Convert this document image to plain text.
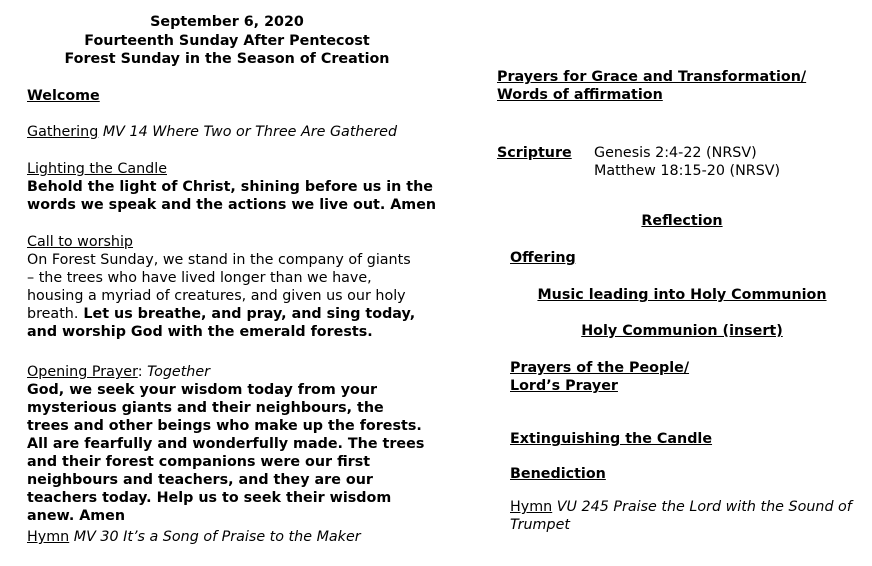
September 6, 2020
Fourteenth Sunday After Pentecost
Forest Sunday in the Season of Creation
Welcome
Gathering MV 14 Where Two or Three Are Gathered
Lighting the Candle

Behold the light of Christ, shining before us in the words we speak and the actions we live out. Amen

Call to worship

On Forest Sunday, we stand in the company of giants – the trees who have lived longer than we have, housing a myriad of creatures, and given us our holy breath. Let us breathe, and pray, and sing today, and worship God with the emerald forests.

Opening Prayer: Together

God, we seek your wisdom today from your mysterious giants and their neighbours, the trees and other beings who make up the forests. All are fearfully and wonderfully made. The trees and their forest companions were our first neighbours and teachers, and they are our teachers today. Help us to seek their wisdom anew. Amen

Hymn MV 30 It’s a Song of Praise to the Maker
Prayers for Grace and Transformation/
Words of affirmation
Scripture	Genesis 2:4-22 (NRSV)
Matthew 18:15-20 (NRSV)
Reflection
Offering
Music leading into Holy Communion
Holy Communion (insert)
Prayers of the People/
Lord’s Prayer
Extinguishing the Candle
Benediction
Hymn VU 245 Praise the Lord with the Sound of
Trumpet
